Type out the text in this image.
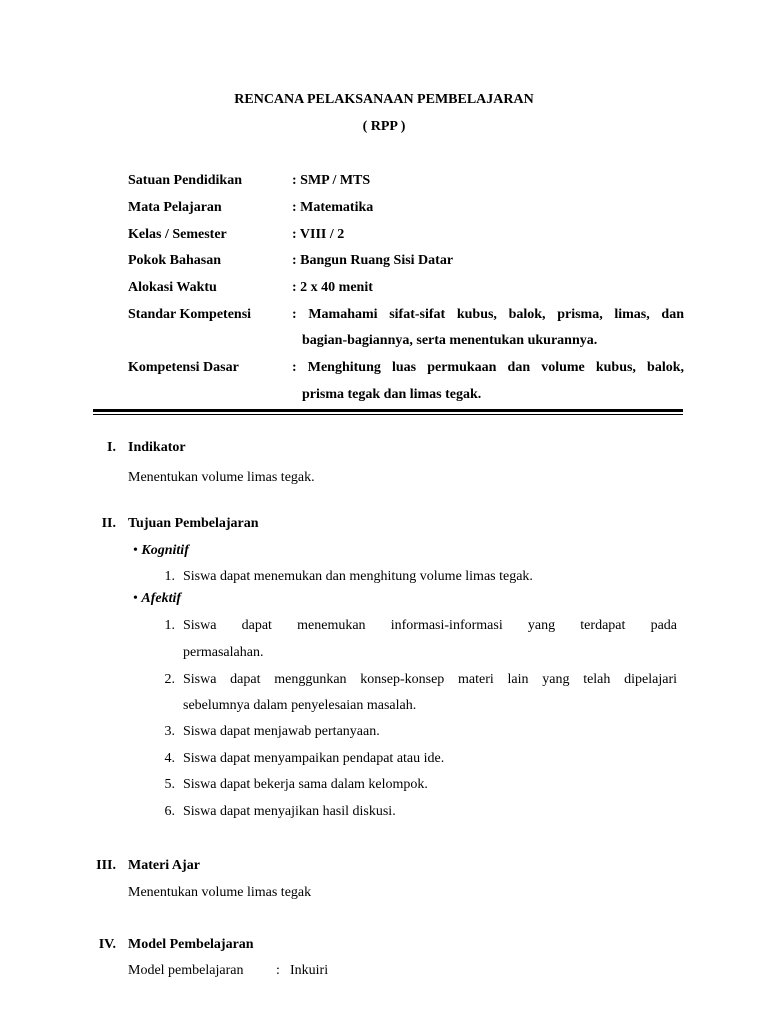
RENCANA PELAKSANAAN PEMBELAJARAN
( RPP )
Satuan Pendidikan	: SMP / MTS
Mata Pelajaran	: Matematika
Kelas / Semester	: VIII / 2
Pokok Bahasan	: Bangun Ruang Sisi Datar
Alokasi Waktu	: 2 x 40 menit
Standar Kompetensi	: Mamahami sifat-sifat kubus, balok, prisma, limas, dan
bagian-bagiannya, serta menentukan ukurannya.
Kompetensi Dasar	: Menghitung luas permukaan dan volume kubus, balok,
prisma tegak dan limas tegak.
I. Indikator
Menentukan volume limas tegak.
II. Tujuan Pembelajaran
• Kognitif
1. Siswa dapat menemukan dan menghitung volume limas tegak.
• Afektif
1. Siswa dapat menemukan informasi-informasi yang terdapat pada
permasalahan.
2. Siswa dapat menggunkan konsep-konsep materi lain yang telah dipelajari
sebelumnya dalam penyelesaian masalah.
3. Siswa dapat menjawab pertanyaan.
4. Siswa dapat menyampaikan pendapat atau ide.
5. Siswa dapat bekerja sama dalam kelompok.
6. Siswa dapat menyajikan hasil diskusi.
III. Materi Ajar
Menentukan volume limas tegak
IV. Model Pembelajaran
Model pembelajaran : Inkuiri
